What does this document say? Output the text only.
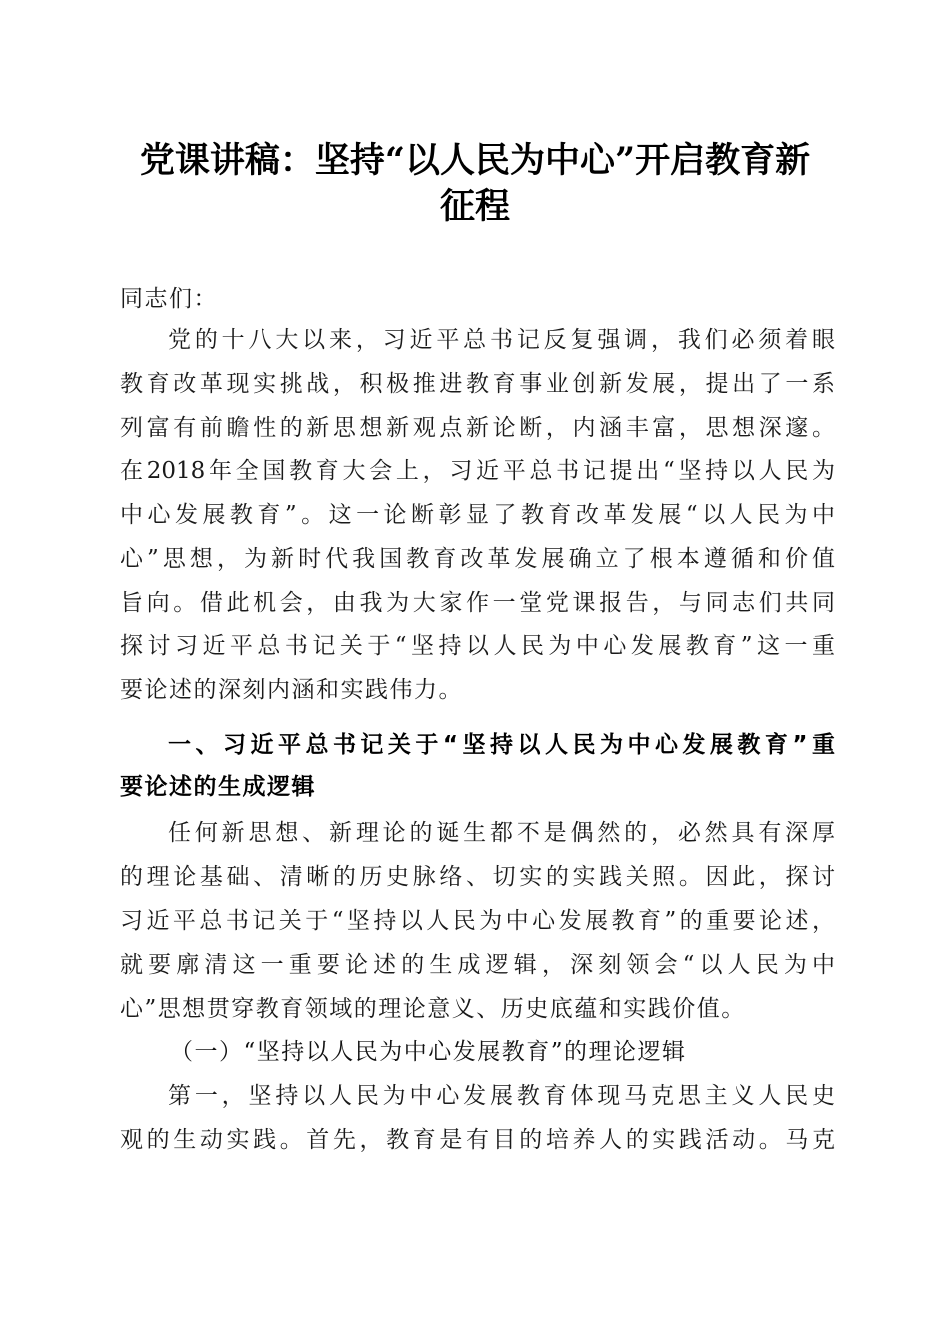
党课讲稿：坚持“以人民为中心”开启教育新
征程
同志们：
党的十八大以来，习近平总书记反复强调，我们必须着眼
教育改革现实挑战，积极推进教育事业创新发展，提出了一系
列富有前瞻性的新思想新观点新论断，内涵丰富，思想深邃。
在2018年全国教育大会上，习近平总书记提出“坚持以人民为
中心发展教育”。这一论断彰显了教育改革发展“以人民为中
心”思想，为新时代我国教育改革发展确立了根本遵循和价值
旨向。借此机会，由我为大家作一堂党课报告，与同志们共同
探讨习近平总书记关于“坚持以人民为中心发展教育”这一重
要论述的深刻内涵和实践伟力。
一、习近平总书记关于“坚持以人民为中心发展教育”重
要论述的生成逻辑
任何新思想、新理论的诞生都不是偶然的，必然具有深厚
的理论基础、清晰的历史脉络、切实的实践关照。因此，探讨
习近平总书记关于“坚持以人民为中心发展教育”的重要论述，
就要廓清这一重要论述的生成逻辑，深刻领会“以人民为中
心”思想贯穿教育领域的理论意义、历史底蕴和实践价值。
（一）“坚持以人民为中心发展教育”的理论逻辑
第一，坚持以人民为中心发展教育体现马克思主义人民史
观的生动实践。首先，教育是有目的培养人的实践活动。马克
